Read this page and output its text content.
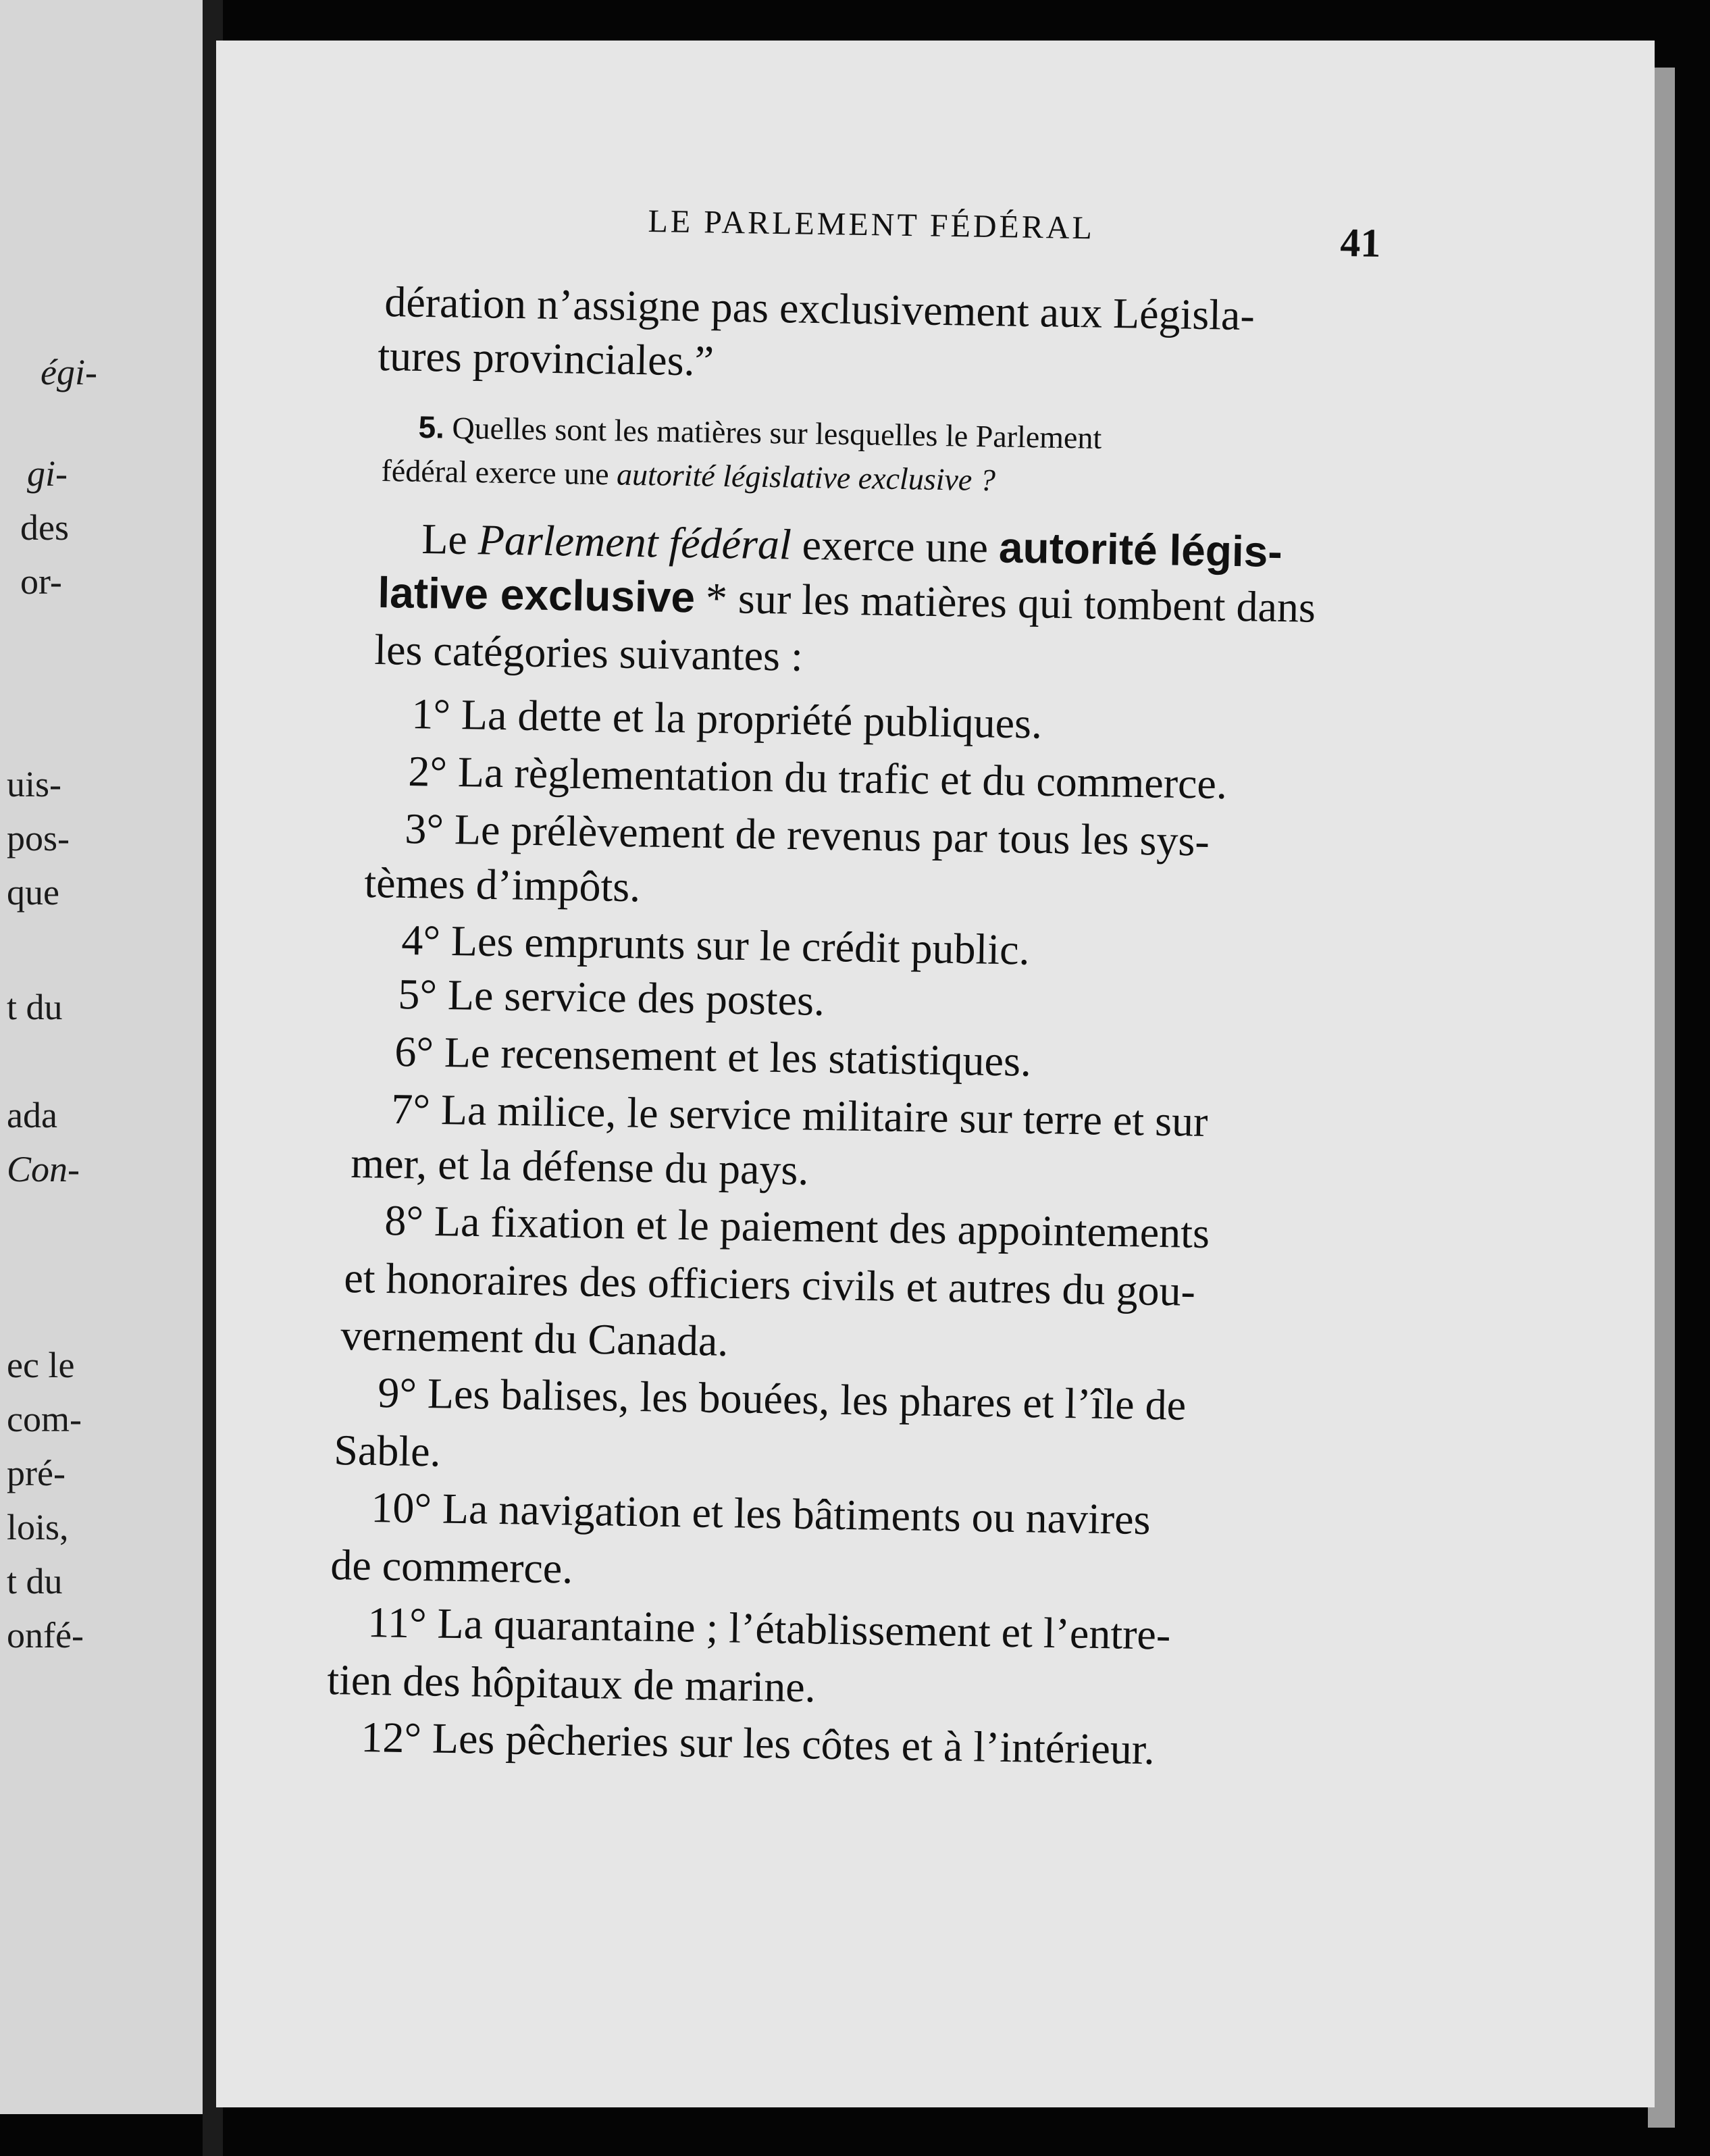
égi-
gi-
des
or-
uis-
pos-
que
t du
ada
Con-
ec le
com-
pré-
lois,
t du
onfé-
LE PARLEMENT FÉDÉRAL	41
dération n’assigne pas exclusivement aux Législa-
tures provinciales.”
5. Quelles sont les matières sur lesquelles le Parlement
fédéral exerce une autorité législative exclusive ?
Le Parlement fédéral exerce une autorité légis-
lative exclusive * sur les matières qui tombent dans
les catégories suivantes :
1° La dette et la propriété publiques.
2° La règlementation du trafic et du commerce.
3° Le prélèvement de revenus par tous les sys-
tèmes d’impôts.
4° Les emprunts sur le crédit public.
5° Le service des postes.
6° Le recensement et les statistiques.
7° La milice, le service militaire sur terre et sur
mer, et la défense du pays.
8° La fixation et le paiement des appointements
et honoraires des officiers civils et autres du gou-
vernement du Canada.
9° Les balises, les bouées, les phares et l’île de
Sable.
10° La navigation et les bâtiments ou navires
de commerce.
11° La quarantaine ; l’établissement et l’entre-
tien des hôpitaux de marine.
12° Les pêcheries sur les côtes et à l’intérieur.
